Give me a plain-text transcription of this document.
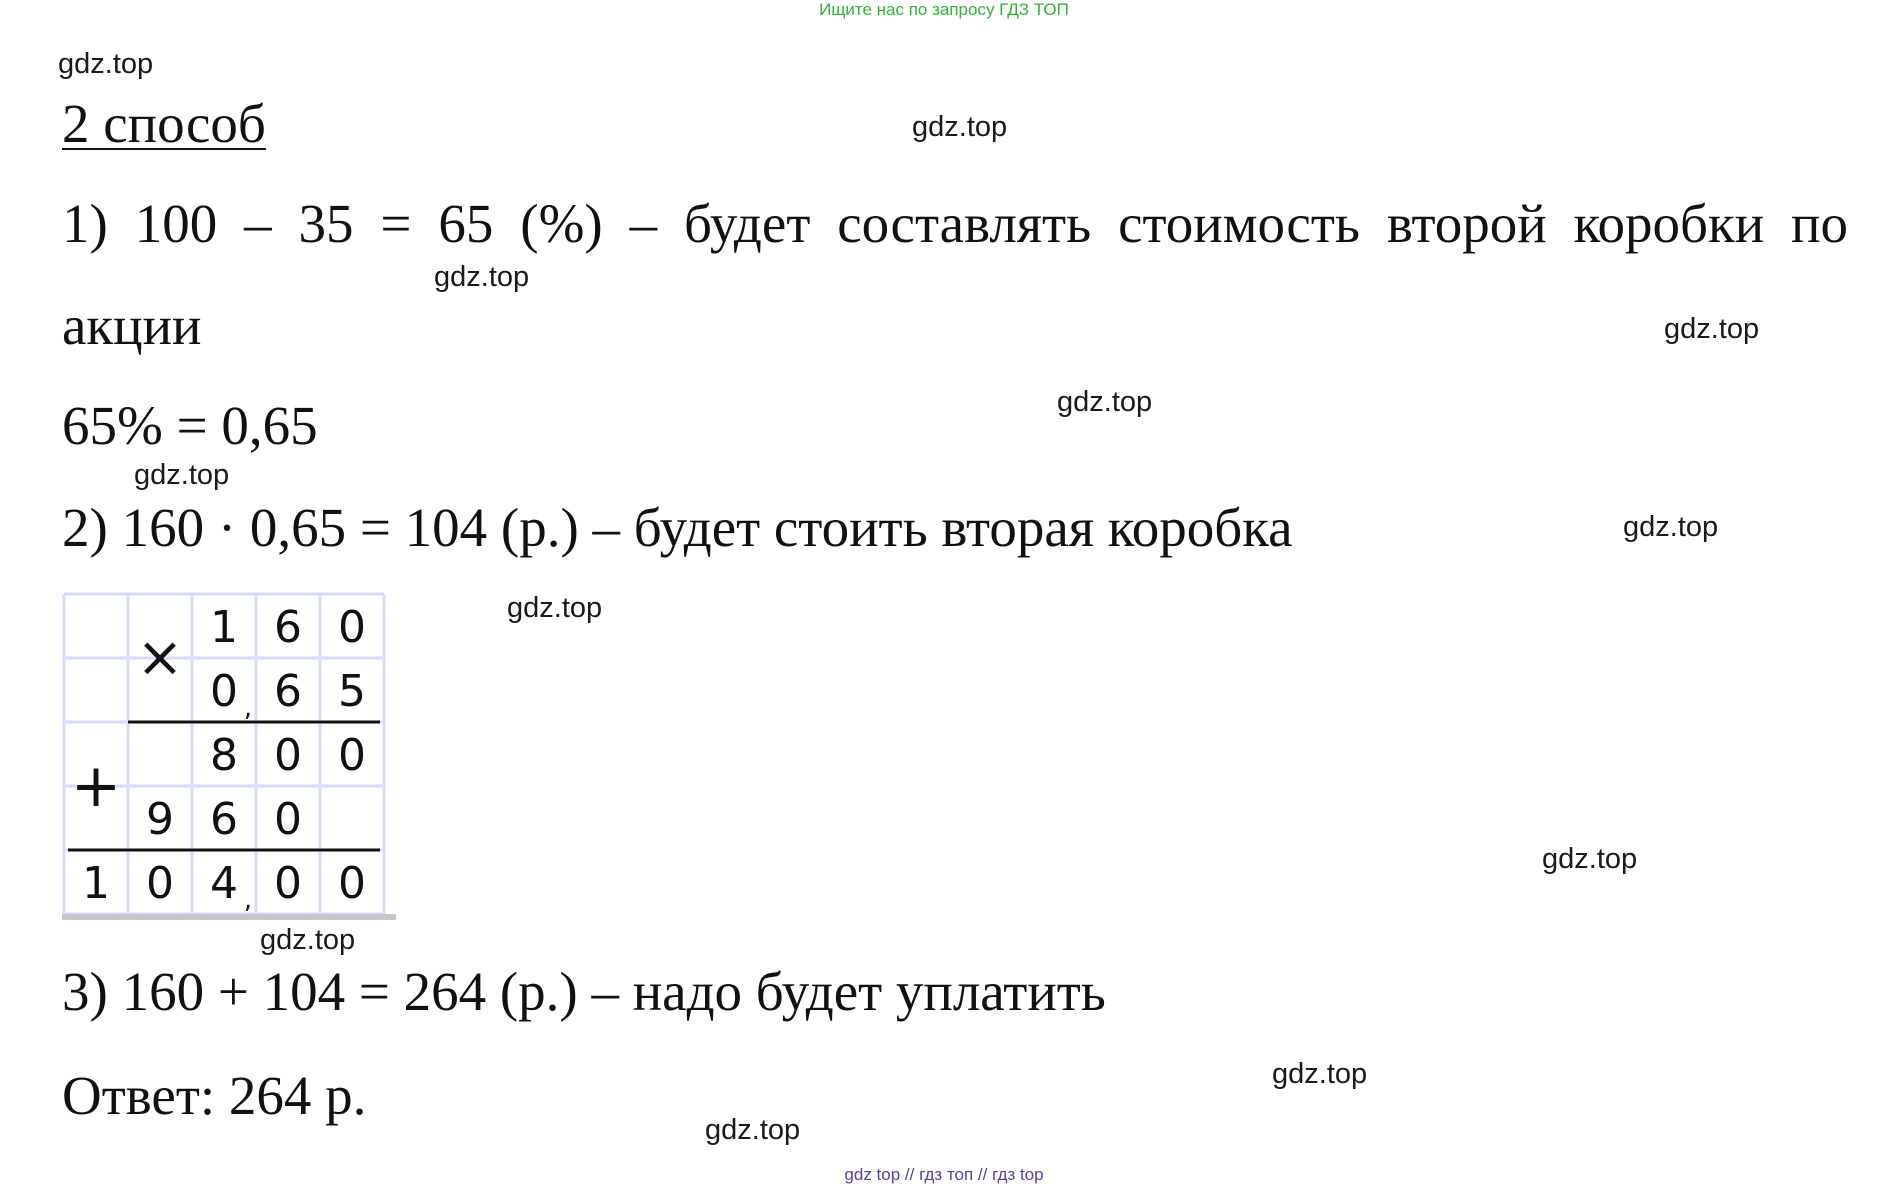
Ищите нас по запросу ГДЗ ТОП
gdz.top
gdz.top
gdz.top
gdz.top
gdz.top
gdz.top
gdz.top
gdz.top
gdz.top
gdz.top
gdz.top
gdz.top
2 способ
1) 100 – 35 = 65 (%) – будет составлять стоимость второй коробки по
акции
65% = 0,65
2) 160 · 0,65 = 104 (р.) – будет стоить вторая коробка
1 6 0
0 6 5
8 0 0
9 6 0
1 0 4 0 0
,
,
×
+
3) 160 + 104 = 264 (р.) – надо будет уплатить
Ответ: 264 р.
gdz top // гдз топ // гдз top
